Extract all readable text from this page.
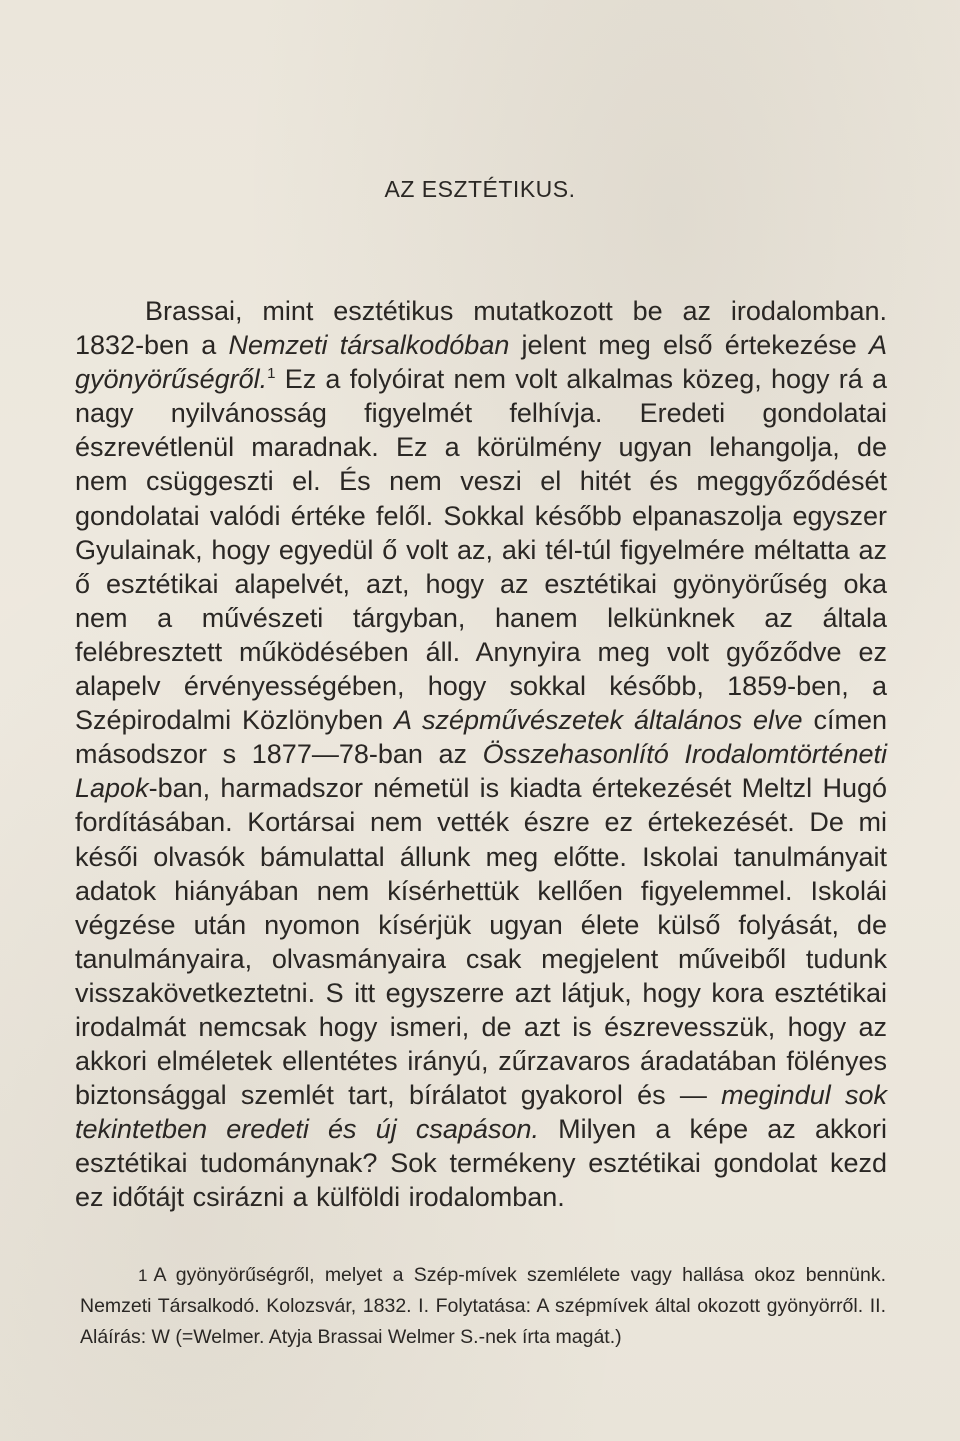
AZ ESZTÉTIKUS.

Brassai, mint esztétikus mutatkozott be az irodalomban. 1832-ben a Nemzeti társalkodóban jelent meg első értekezése A gyönyörűségről.$^1$ Ez a folyóirat nem volt alkalmas közeg, hogy rá a nagy nyilvánosság figyelmét felhívja. Eredeti gondolatai észrevétlenül maradnak. Ez a körülmény ugyan lehangolja, de nem csüggeszti el. És nem veszi el hitét és meggyőződését gondolatai valódi értéke felől. Sokkal később elpanaszolja egyszer Gyulainak, hogy egyedül ő volt az, aki tél-túl figyelmére méltatta az ő esztétikai alapelvét, azt, hogy az esztétikai gyönyörűség oka nem a művészeti tárgyban, hanem lelkünknek az általa felébresztett működésében áll. Anynyira meg volt győződve ez alapelv érvényességében, hogy sokkal később, 1859-ben, a Szépirodalmi Közlönyben A szépművészetek általános elve címen másodszor s 1877—78-ban az Összehasonlító Irodalomtörténeti Lapok-ban, harmadszor németül is kiadta értekezését Meltzl Hugó fordításában. Kortársai nem vették észre ez értekezését. De mi késői olvasók bámulattal állunk meg előtte. Iskolai tanulmányait adatok hiányában nem kísérhettük kellően figyelemmel. Iskolái végzése után nyomon kísérjük ugyan élete külső folyását, de tanulmányaira, olvasmányaira csak megjelent műveiből tudunk visszakövetkeztetni. S itt egyszerre azt látjuk, hogy kora esztétikai irodalmát nemcsak hogy ismeri, de azt is észrevesszük, hogy az akkori elméletek ellentétes irányú, zűrzavaros áradatában fölényes biztonsággal szemlét tart, bírálatot gyakorol és — megindul sok tekintetben eredeti és új csapáson. Milyen a képe az akkori esztétikai tudománynak? Sok termékeny esztétikai gondolat kezd ez időtájt csirázni a külföldi irodalomban.

1 A gyönyörűségről, melyet a Szép-mívek szemlélete vagy hallása okoz bennünk. Nemzeti Társalkodó. Kolozsvár, 1832. I. Folytatása: A szépmívek által okozott gyönyörről. II. Aláírás: W (=Welmer. Atyja Brassai Welmer S.-nek írta magát.)
